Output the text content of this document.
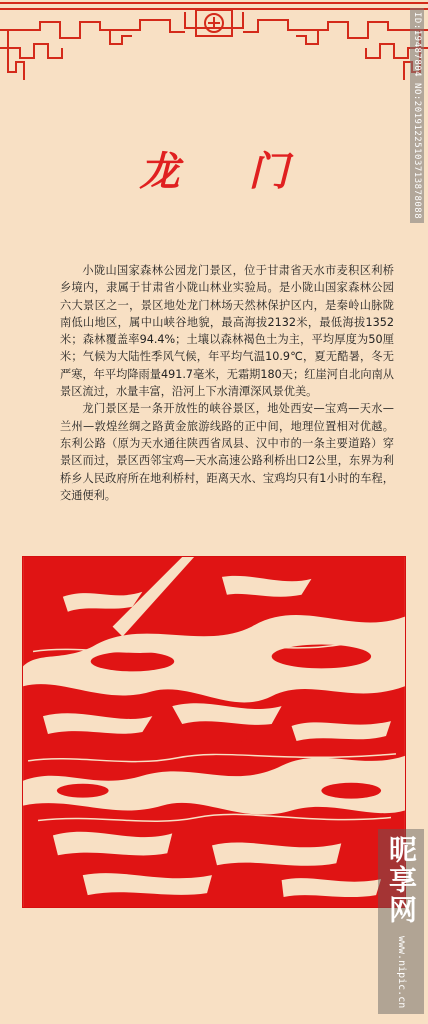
ID:19487804 NO:20191225103713878088
龙 门

小陇山国家森林公园龙门景区，位于甘肃省天水市麦积区利桥乡境内，隶属于甘肃省小陇山林业实验局。是小陇山国家森林公园六大景区之一，景区地处龙门林场天然林保护区内，是秦岭山脉陇南低山地区，属中山峡谷地貌，最高海拔2132米，最低海拔1352米；森林覆盖率94.4%；土壤以森林褐色土为主，平均厚度为50厘米；气候为大陆性季风气候，年平均气温10.9℃，夏无酷暑，冬无严寒，年平均降雨量491.7毫米，无霜期180天；红崖河自北向南从景区流过，水量丰富，沿河上下水清潭深风景优美。

龙门景区是一条开放性的峡谷景区，地处西安—宝鸡—天水—兰州—敦煌丝绸之路黄金旅游线路的正中间，地理位置相对优越。东利公路（原为天水通往陕西省凤县、汉中市的一条主要道路）穿景区而过，景区西邻宝鸡—天水高速公路利桥出口2公里，东界为利桥乡人民政府所在地利桥村，距离天水、宝鸡均只有1小时的车程，交通便利。

昵享网 www.nipic.cn
